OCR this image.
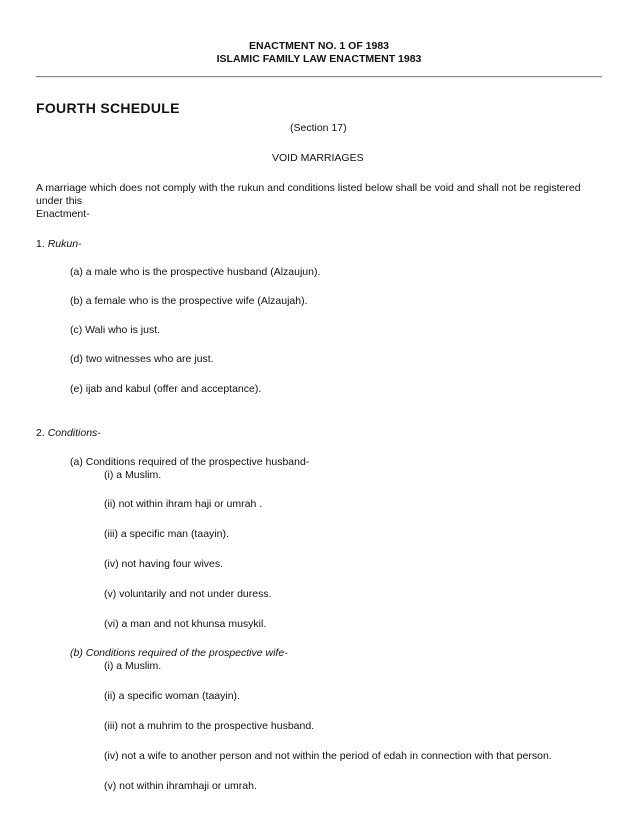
ENACTMENT NO. 1 OF 1983
ISLAMIC FAMILY LAW ENACTMENT 1983
FOURTH SCHEDULE
(Section 17)
VOID MARRIAGES
A marriage which does not comply with the rukun and conditions listed below shall be void and shall not be registered
under this
Enactment-
1. Rukun-
(a) a male who is the prospective husband (Alzaujun).
(b) a female who is the prospective wife (Alzaujah).
(c) Wali who is just.
(d) two witnesses who are just.
(e) ijab and kabul (offer and acceptance).
2. Conditions-
(a) Conditions required of the prospective husband-
(i) a Muslim.
(ii) not within ihram haji or umrah .
(iii) a specific man (taayin).
(iv) not having four wives.
(v) voluntarily and not under duress.
(vi) a man and not khunsa musykil.
(b) Conditions required of the prospective wife-
(i) a Muslim.
(ii) a specific woman (taayin).
(iii) not a muhrim to the prospective husband.
(iv) not a wife to another person and not within the period of edah in connection with that person.
(v) not within ihramhaji or umrah.
